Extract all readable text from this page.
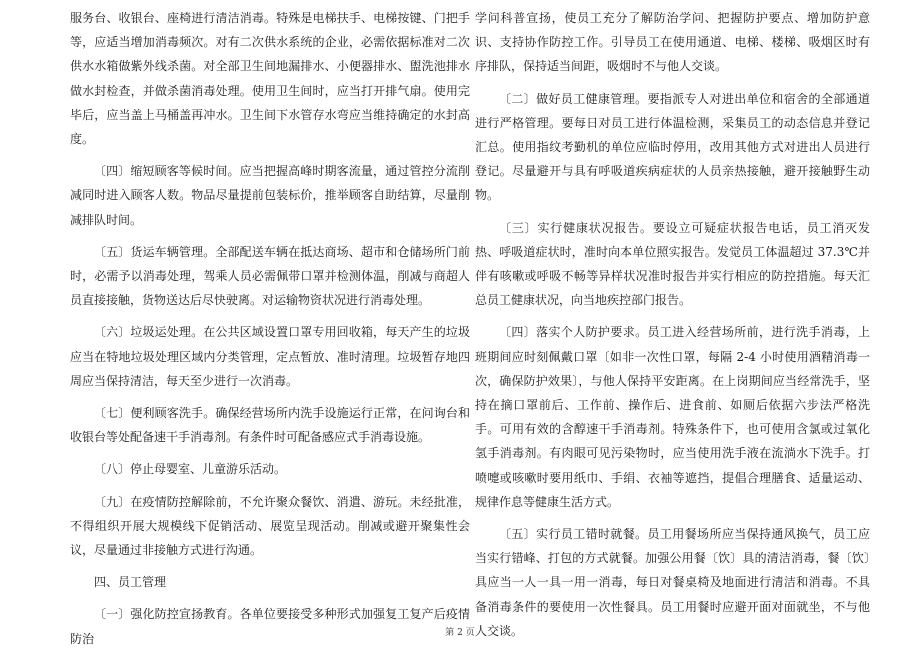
服务台、收银台、座椅进行清洁消毒。特殊是电梯扶手、电梯按键、门把手等，应适当增加消毒频次。对有二次供水系统的企业，必需依据标准对二次供水水箱做紫外线杀菌。对全部卫生间地漏排水、小便器排水、盥洗池排水做水封检查，并做杀菌消毒处理。使用卫生间时，应当打开排气扇。使用完毕后，应当盖上马桶盖再冲水。卫生间下水管存水弯应当维持确定的水封高度。

〔四〕缩短顾客等候时间。应当把握高峰时期客流量，通过管控分流削减同时进入顾客人数。物品尽量提前包装标价，推举顾客自助结算，尽量削减排队时间。

〔五〕货运车辆管理。全部配送车辆在抵达商场、超市和仓储场所门前时，必需予以消毒处理，驾乘人员必需佩带口罩并检测体温，削减与商超人员直接接触，货物送达后尽快驶离。对运输物资状况进行消毒处理。

〔六〕垃圾运处理。在公共区域设置口罩专用回收箱，每天产生的垃圾应当在特地垃圾处理区域内分类管理，定点暂放、准时清理。垃圾暂存地四周应当保持清洁，每天至少进行一次消毒。

〔七〕便利顾客洗手。确保经营场所内洗手设施运行正常，在问询台和收银台等处配备速干手消毒剂。有条件时可配备感应式手消毒设施。

〔八〕停止母婴室、儿童游乐活动。

〔九〕在疫情防控解除前，不允许聚众餐饮、消遣、游玩。未经批准，不得组织开展大规模线下促销活动、展览呈现活动。削减或避开聚集性会议，尽量通过非接触方式进行沟通。

四、员工管理

〔一〕强化防控宣扬教育。各单位要接受多种形式加强复工复产后疫情防治

学问科普宣扬，使员工充分了解防治学问、把握防护要点、增加防护意识、支持协作防控工作。引导员工在使用通道、电梯、楼梯、吸烟区时有序排队，保持适当间距，吸烟时不与他人交谈。

〔二〕做好员工健康管理。要指派专人对进出单位和宿舍的全部通道进行严格管理。要每日对员工进行体温检测，采集员工的动态信息并登记汇总。使用指纹考勤机的单位应临时停用，改用其他方式对进出人员进行登记。尽量避开与具有呼吸道疾病症状的人员亲热接触，避开接触野生动物。

〔三〕实行健康状况报告。要设立可疑症状报告电话，员工消灭发热、呼吸道症状时，准时向本单位照实报告。发觉员工体温超过 37.3℃并伴有咳嗽或呼吸不畅等异样状况准时报告并实行相应的防控措施。每天汇总员工健康状况，向当地疾控部门报告。

〔四〕落实个人防护要求。员工进入经营场所前，进行洗手消毒，上班期间应时刻佩戴口罩〔如非一次性口罩，每隔 2-4 小时使用酒精消毒一次，确保防护效果〕，与他人保持平安距离。在上岗期间应当经常洗手，坚持在摘口罩前后、工作前、操作后、进食前、如厕后依据六步法严格洗手。可用有效的含醇速干手消毒剂。特殊条件下，也可使用含氯或过氧化氢手消毒剂。有肉眼可见污染物时，应当使用洗手液在流淌水下洗手。打喷嚏或咳嗽时要用纸巾、手绢、衣袖等遮挡，提倡合理膳食、适量运动、规律作息等健康生活方式。

〔五〕实行员工错时就餐。员工用餐场所应当保持通风换气，员工应当实行错峰、打包的方式就餐。加强公用餐〔饮〕具的清洁消毒，餐〔饮〕具应当一人一具一用一消毒，每日对餐桌椅及地面进行清洁和消毒。不具备消毒条件的要使用一次性餐具。员工用餐时应避开面对面就坐，不与他人交谈。

第 2 页
